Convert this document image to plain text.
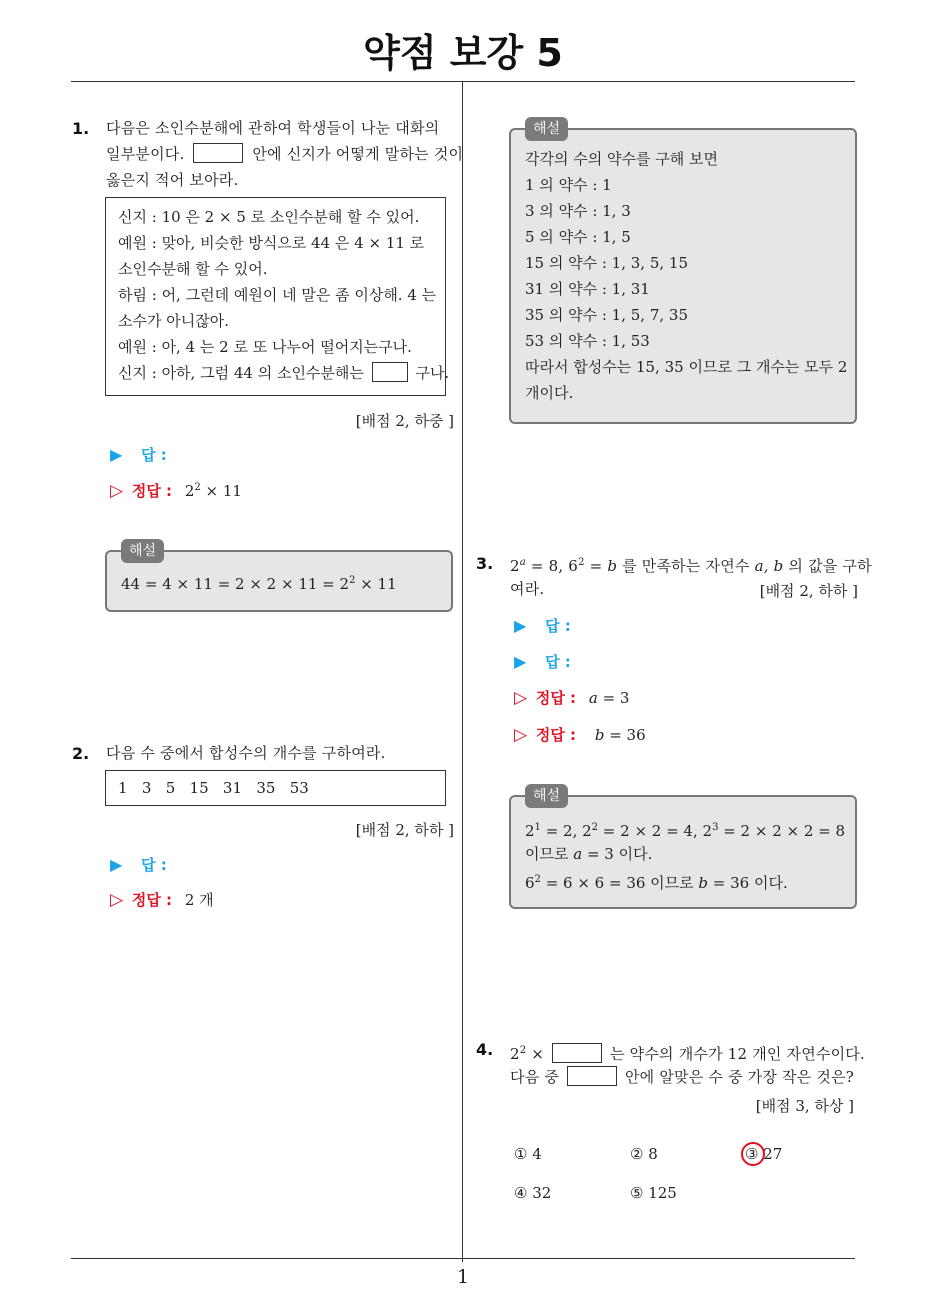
약점 보강 5
1
1. 다음은 소인수분해에 관하여 학생들이 나눈 대화의
일부분이다.	안에 신지가 어떻게 말하는 것이
옳은지 적어 보아라.
신지 : 10 은 2 × 5 로 소인수분해 할 수 있어.
예원 : 맞아, 비슷한 방식으로 44 은 4 × 11 로
소인수분해 할 수 있어.
하림 : 어, 그런데 예원이 네 말은 좀 이상해. 4 는
소수가 아니잖아.
예원 : 아, 4 는 2 로 또 나누어 떨어지는구나.
신지 : 아하, 그럼 44 의 소인수분해는	구나.
[배점 2, 하중 ]
▶ 답 :
▷ 정답 : $2^2 \times 11$
해설
$44 = 4 \times 11 = 2 \times 2 \times 11 = 2^2 \times 11$
2. 다음 수 중에서 합성수의 개수를 구하여라.
1   3   5   15   31   35   53
[배점 2, 하하 ]
▶ 답 :
▷ 정답 : 2 개
해설
각각의 수의 약수를 구해 보면
1 의 약수 : 1
3 의 약수 : 1, 3
5 의 약수 : 1, 5
15 의 약수 : 1, 3, 5, 15
31 의 약수 : 1, 31
35 의 약수 : 1, 5, 7, 35
53 의 약수 : 1, 53
따라서 합성수는 15, 35 이므로 그 개수는 모두 2
개이다.
3. $2^a = 8$, $6^2 = b$ 를 만족하는 자연수 a, b 의 값을 구하
여라.	[배점 2, 하하 ]
▶ 답 :
▶ 답 :
▷ 정답 : a = 3
▷ 정답 : b = 36
해설
$2^1 = 2$, $2^2 = 2 \times 2 = 4$, $2^3 = 2 \times 2 \times 2 = 8$
이므로 a = 3 이다.
$6^2 = 6 \times 6 = 36$ 이므로 b = 36 이다.
4. $2^2$ ×	는 약수의 개수가 12 개인 자연수이다.
다음 중	안에 알맞은 수 중 가장 작은 것은?
[배점 3, 하상 ]
① 4	② 8	③ 27
④ 32	⑤ 125
